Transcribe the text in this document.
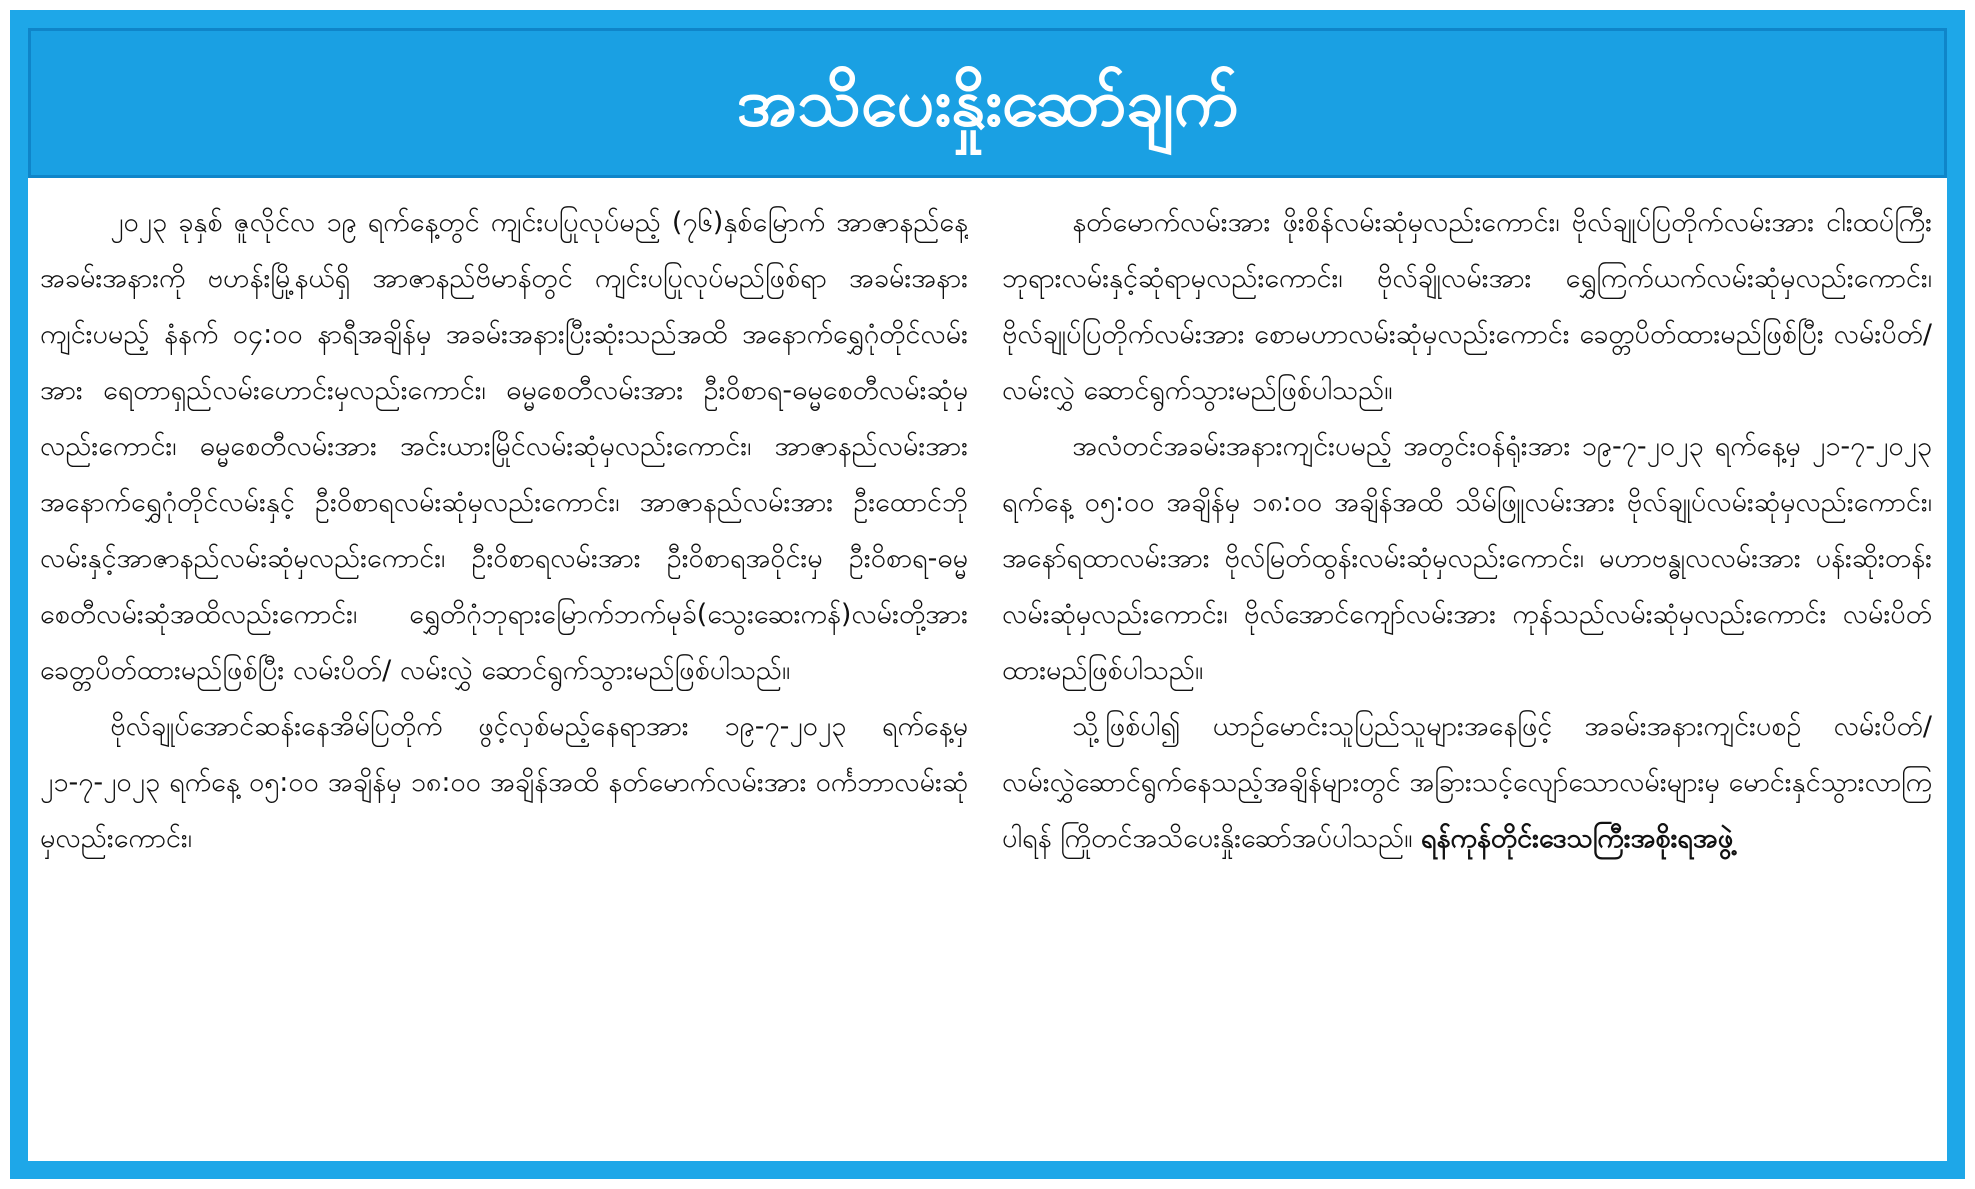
အသိပေးနှိုးဆော်ချက်

၂၀၂၃ ခုနှစ် ဇူလိုင်လ ၁၉ ရက်နေ့တွင် ကျင်းပပြုလုပ်မည့် (၇၆)နှစ်မြောက် အာဇာနည်နေ့အခမ်းအနားကို ဗဟန်းမြို့နယ်ရှိ အာဇာနည်ဗိမာန်တွင် ကျင်းပပြုလုပ်မည်ဖြစ်ရာ အခမ်းအနားကျင်းပမည့် နံနက် ဝ၄:ဝဝ နာရီအချိန်မှ အခမ်းအနားပြီးဆုံးသည်အထိ အနောက်ရွှေဂုံတိုင်လမ်းအား ရေတာရှည်လမ်းဟောင်းမှလည်းကောင်း၊ ဓမ္မစေတီလမ်းအား ဦးဝိစာရ-ဓမ္မစေတီလမ်းဆုံမှလည်းကောင်း၊ ဓမ္မစေတီလမ်းအား အင်းယားမြိုင်လမ်းဆုံမှလည်းကောင်း၊ အာဇာနည်လမ်းအား အနောက်ရွှေဂုံတိုင်လမ်းနှင့် ဦးဝိစာရလမ်းဆုံမှလည်းကောင်း၊ အာဇာနည်လမ်းအား ဦးထောင်ဘိုလမ်းနှင့်အာဇာနည်လမ်းဆုံမှလည်းကောင်း၊ ဦးဝိစာရလမ်းအား ဦးဝိစာရအဝိုင်းမှ ဦးဝိစာရ-ဓမ္မစေတီလမ်းဆုံအထိလည်းကောင်း၊ ရွှေတိဂုံဘုရားမြောက်ဘက်မုခ်(သွေးဆေးကန်)လမ်းတို့အား ခေတ္တပိတ်ထားမည်ဖြစ်ပြီး လမ်းပိတ်/ လမ်းလွှဲ ဆောင်ရွက်သွားမည်ဖြစ်ပါသည်။

ဗိုလ်ချုပ်အောင်ဆန်းနေအိမ်ပြတိုက် ဖွင့်လှစ်မည့်နေရာအား ၁၉-၇-၂၀၂၃ ရက်နေ့မှ ၂၁-၇-၂၀၂၃ ရက်နေ့ ဝ၅:ဝဝ အချိန်မှ ၁၈:ဝဝ အချိန်အထိ နတ်မောက်လမ်းအား ဝင်္ကဘာလမ်းဆုံမှလည်းကောင်း၊

နတ်မောက်လမ်းအား ဖိုးစိန်လမ်းဆုံမှလည်းကောင်း၊ ဗိုလ်ချုပ်ပြတိုက်လမ်းအား ငါးထပ်ကြီးဘုရားလမ်းနှင့်ဆုံရာမှလည်းကောင်း၊ ဗိုလ်ချိုလမ်းအား ရွှေကြက်ယက်လမ်းဆုံမှလည်းကောင်း၊ ဗိုလ်ချုပ်ပြတိုက်လမ်းအား စောမဟာလမ်းဆုံမှလည်းကောင်း ခေတ္တပိတ်ထားမည်ဖြစ်ပြီး လမ်းပိတ်/လမ်းလွှဲ ဆောင်ရွက်သွားမည်ဖြစ်ပါသည်။

အလံတင်အခမ်းအနားကျင်းပမည့် အတွင်းဝန်ရုံးအား ၁၉-၇-၂၀၂၃ ရက်နေ့မှ ၂၁-၇-၂၀၂၃ ရက်နေ့ ဝ၅:ဝဝ အချိန်မှ ၁၈:ဝဝ အချိန်အထိ သိမ်ဖြူလမ်းအား ဗိုလ်ချုပ်လမ်းဆုံမှလည်းကောင်း၊ အနော်ရထာလမ်းအား ဗိုလ်မြတ်ထွန်းလမ်းဆုံမှလည်းကောင်း၊ မဟာဗန္ဓုလလမ်းအား ပန်းဆိုးတန်းလမ်းဆုံမှလည်းကောင်း၊ ဗိုလ်အောင်ကျော်လမ်းအား ကုန်သည်လမ်းဆုံမှလည်းကောင်း လမ်းပိတ်ထားမည်ဖြစ်ပါသည်။

သို့ဖြစ်ပါ၍ ယာဉ်မောင်းသူပြည်သူများအနေဖြင့် အခမ်းအနားကျင်းပစဉ် လမ်းပိတ်/လမ်းလွှဲဆောင်ရွက်နေသည့်အချိန်များတွင် အခြားသင့်လျော်သောလမ်းများမှ မောင်းနှင်သွားလာကြပါရန် ကြိုတင်အသိပေးနှိုးဆော်အပ်ပါသည်။ ရန်ကုန်တိုင်းဒေသကြီးအစိုးရအဖွဲ့
